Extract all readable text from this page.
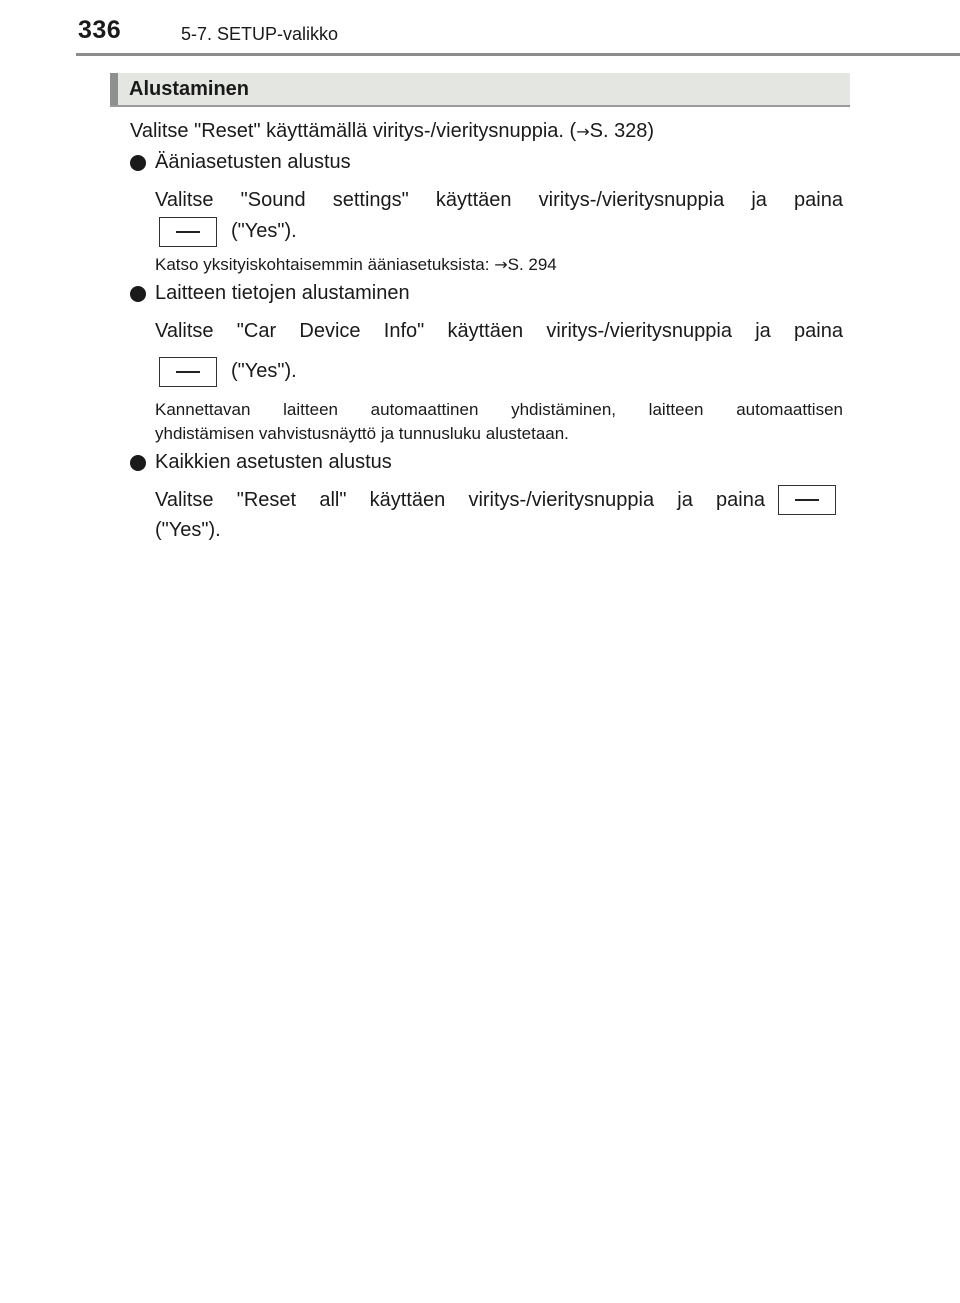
336	5-7. SETUP-valikko
Alustaminen
Valitse "Reset" käyttämällä viritys-/vieritysnuppia. (→S. 328)
Ääniasetusten alustus
Valitse "Sound settings" käyttäen viritys-/vieritysnuppia ja paina
("Yes").
Katso yksityiskohtaisemmin ääniasetuksista: →S. 294
Laitteen tietojen alustaminen
Valitse "Car Device Info" käyttäen viritys-/vieritysnuppia ja paina
("Yes").
Kannettavan laitteen automaattinen yhdistäminen, laitteen automaattisen
yhdistämisen vahvistusnäyttö ja tunnusluku alustetaan.
Kaikkien asetusten alustus
Valitse "Reset all" käyttäen viritys-/vieritysnuppia ja paina
("Yes").
